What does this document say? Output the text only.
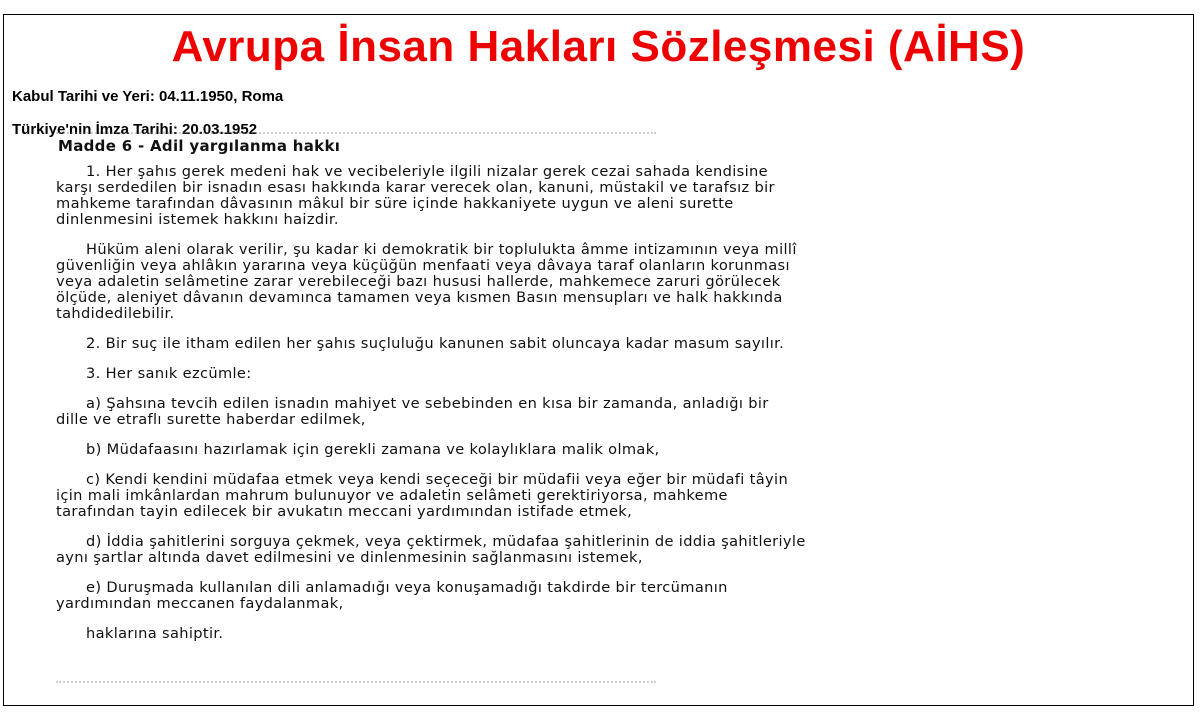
Avrupa İnsan Hakları Sözleşmesi (AİHS)
Kabul Tarihi ve Yeri: 04.11.1950, Roma
Türkiye'nin İmza Tarihi: 20.03.1952
Madde 6 - Adil yargılanma hakkı
1. Her şahıs gerek medeni hak ve vecibeleriyle ilgili nizalar gerek cezai sahada kendisine
karşı serdedilen bir isnadın esası hakkında karar verecek olan, kanuni, müstakil ve tarafsız bir
mahkeme tarafından dâvasının mâkul bir süre içinde hakkaniyete uygun ve aleni surette
dinlenmesini istemek hakkını haizdir.
Hüküm aleni olarak verilir, şu kadar ki demokratik bir toplulukta âmme intizamının veya millî
güvenliğin veya ahlâkın yararına veya küçüğün menfaati veya dâvaya taraf olanların korunması
veya adaletin selâmetine zarar verebileceği bazı hususi hallerde, mahkemece zaruri görülecek
ölçüde, aleniyet dâvanın devamınca tamamen veya kısmen Basın mensupları ve halk hakkında
tahdidedilebilir.
2. Bir suç ile itham edilen her şahıs suçluluğu kanunen sabit oluncaya kadar masum sayılır.
3. Her sanık ezcümle:
a) Şahsına tevcih edilen isnadın mahiyet ve sebebinden en kısa bir zamanda, anladığı bir
dille ve etraflı surette haberdar edilmek,
b) Müdafaasını hazırlamak için gerekli zamana ve kolaylıklara malik olmak,
c) Kendi kendini müdafaa etmek veya kendi seçeceği bir müdafii veya eğer bir müdafi tâyin
için mali imkânlardan mahrum bulunuyor ve adaletin selâmeti gerektiriyorsa, mahkeme
tarafından tayin edilecek bir avukatın meccani yardımından istifade etmek,
d) İddia şahitlerini sorguya çekmek, veya çektirmek, müdafaa şahitlerinin de iddia şahitleriyle
aynı şartlar altında davet edilmesini ve dinlenmesinin sağlanmasını istemek,
e) Duruşmada kullanılan dili anlamadığı veya konuşamadığı takdirde bir tercümanın
yardımından meccanen faydalanmak,
haklarına sahiptir.
